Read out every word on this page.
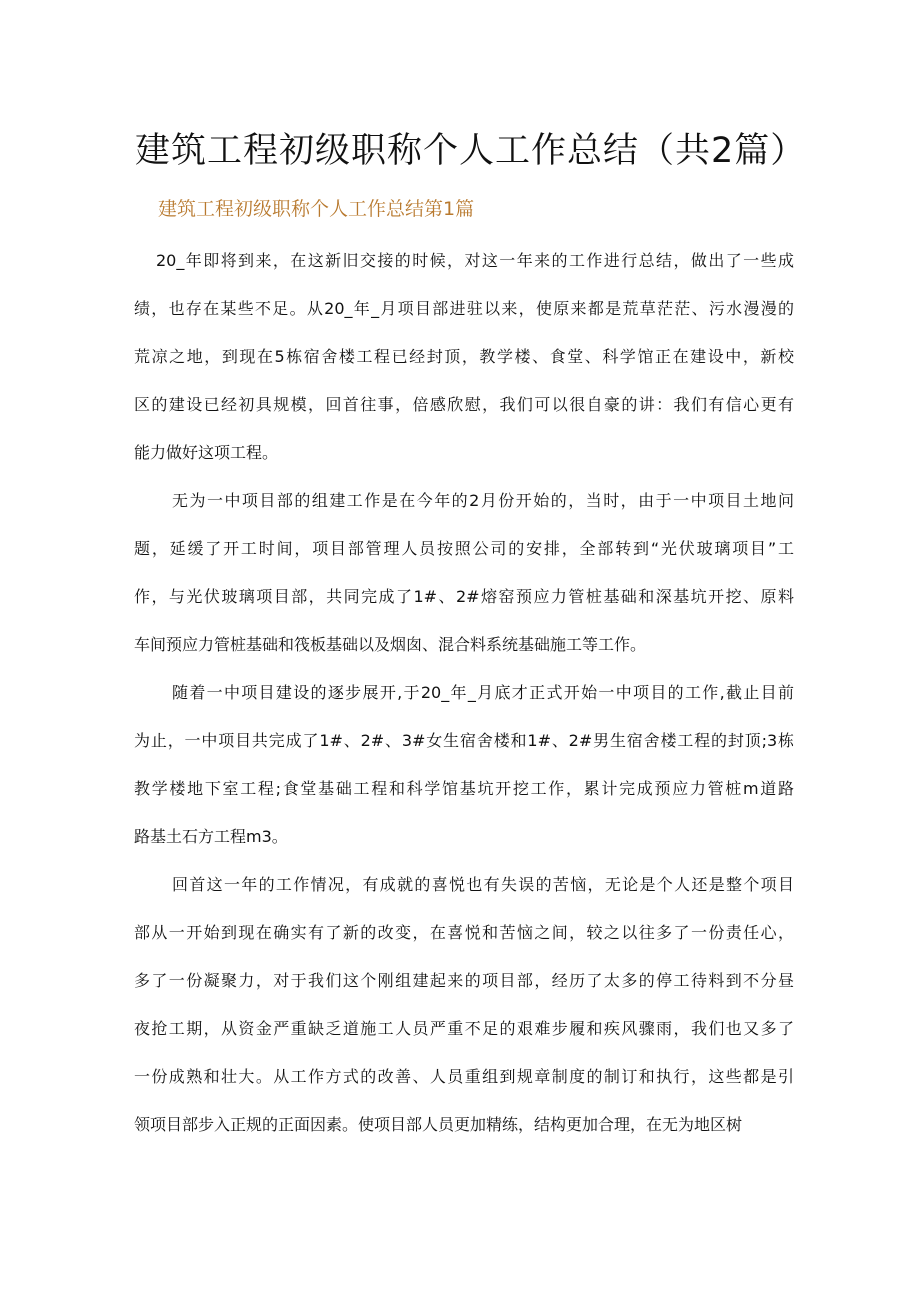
建筑工程初级职称个人工作总结（共2篇）
建筑工程初级职称个人工作总结第1篇
20_年即将到来，在这新旧交接的时候，对这一年来的工作进行总结，做出了一些成
绩，也存在某些不足。从20_年_月项目部进驻以来，使原来都是荒草茫茫、污水漫漫的
荒凉之地，到现在5栋宿舍楼工程已经封顶，教学楼、食堂、科学馆正在建设中，新校
区的建设已经初具规模，回首往事，倍感欣慰，我们可以很自豪的讲：我们有信心更有
能力做好这项工程。
无为一中项目部的组建工作是在今年的2月份开始的，当时，由于一中项目土地问
题，延缓了开工时间，项目部管理人员按照公司的安排，全部转到“光伏玻璃项目”工
作，与光伏玻璃项目部，共同完成了1#、2#熔窑预应力管桩基础和深基坑开挖、原料
车间预应力管桩基础和筏板基础以及烟囱、混合料系统基础施工等工作。
随着一中项目建设的逐步展开,于20_年_月底才正式开始一中项目的工作,截止目前
为止，一中项目共完成了1#、2#、3#女生宿舍楼和1#、2#男生宿舍楼工程的封顶;3栋
教学楼地下室工程;食堂基础工程和科学馆基坑开挖工作，累计完成预应力管桩m道路
路基土石方工程m3。
回首这一年的工作情况，有成就的喜悦也有失误的苦恼，无论是个人还是整个项目
部从一开始到现在确实有了新的改变，在喜悦和苦恼之间，较之以往多了一份责任心，
多了一份凝聚力，对于我们这个刚组建起来的项目部，经历了太多的停工待料到不分昼
夜抢工期，从资金严重缺乏道施工人员严重不足的艰难步履和疾风骤雨，我们也又多了
一份成熟和壮大。从工作方式的改善、人员重组到规章制度的制订和执行，这些都是引
领项目部步入正规的正面因素。使项目部人员更加精练，结构更加合理，在无为地区树
